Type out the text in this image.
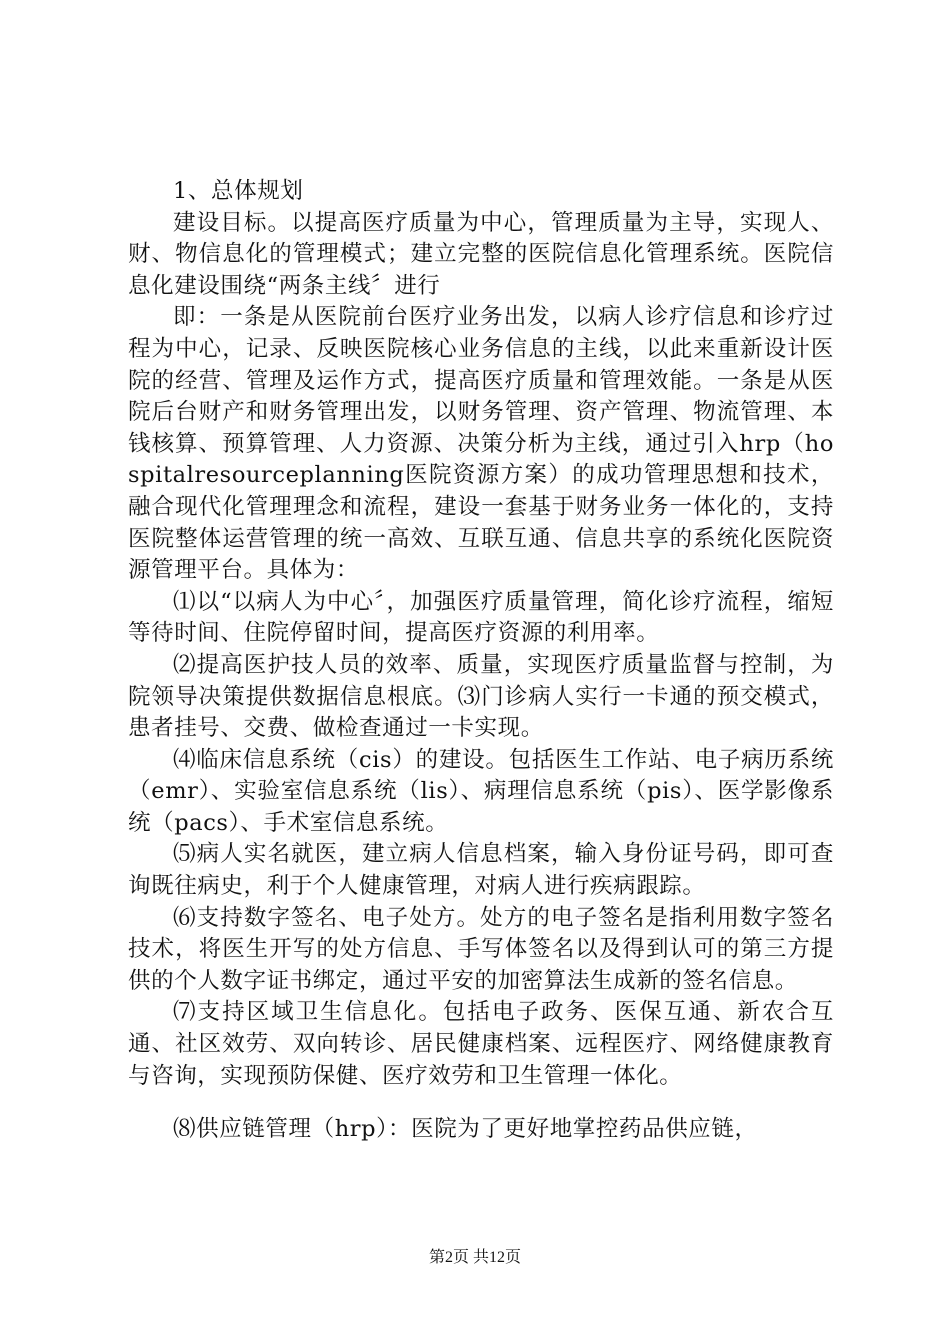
1、总体规划

建设目标。以提高医疗质量为中心，管理质量为主导，实现人、财、物信息化的管理模式；建立完整的医院信息化管理系统。医院信息化建设围绕“两条主线〞进行

即：一条是从医院前台医疗业务出发，以病人诊疗信息和诊疗过程为中心，记录、反映医院核心业务信息的主线，以此来重新设计医院的经营、管理及运作方式，提高医疗质量和管理效能。一条是从医院后台财产和财务管理出发，以财务管理、资产管理、物流管理、本钱核算、预算管理、人力资源、决策分析为主线，通过引入hrp（hospitalresourceplanning医院资源方案）的成功管理思想和技术，融合现代化管理理念和流程，建设一套基于财务业务一体化的，支持医院整体运营管理的统一高效、互联互通、信息共享的系统化医院资源管理平台。具体为：

⑴以“以病人为中心〞，加强医疗质量管理，简化诊疗流程，缩短等待时间、住院停留时间，提高医疗资源的利用率。

⑵提高医护技人员的效率、质量，实现医疗质量监督与控制，为院领导决策提供数据信息根底。⑶门诊病人实行一卡通的预交模式，患者挂号、交费、做检查通过一卡实现。

⑷临床信息系统（cis）的建设。包括医生工作站、电子病历系统（emr）、实验室信息系统（lis）、病理信息系统（pis）、医学影像系统（pacs）、手术室信息系统。

⑸病人实名就医，建立病人信息档案，输入身份证号码，即可查询既往病史，利于个人健康管理，对病人进行疾病跟踪。

⑹支持数字签名、电子处方。处方的电子签名是指利用数字签名技术，将医生开写的处方信息、手写体签名以及得到认可的第三方提供的个人数字证书绑定，通过平安的加密算法生成新的签名信息。

⑺支持区域卫生信息化。包括电子政务、医保互通、新农合互通、社区效劳、双向转诊、居民健康档案、远程医疗、网络健康教育与咨询，实现预防保健、医疗效劳和卫生管理一体化。

⑻供应链管理（hrp）：医院为了更好地掌控药品供应链，

第2页 共12页
